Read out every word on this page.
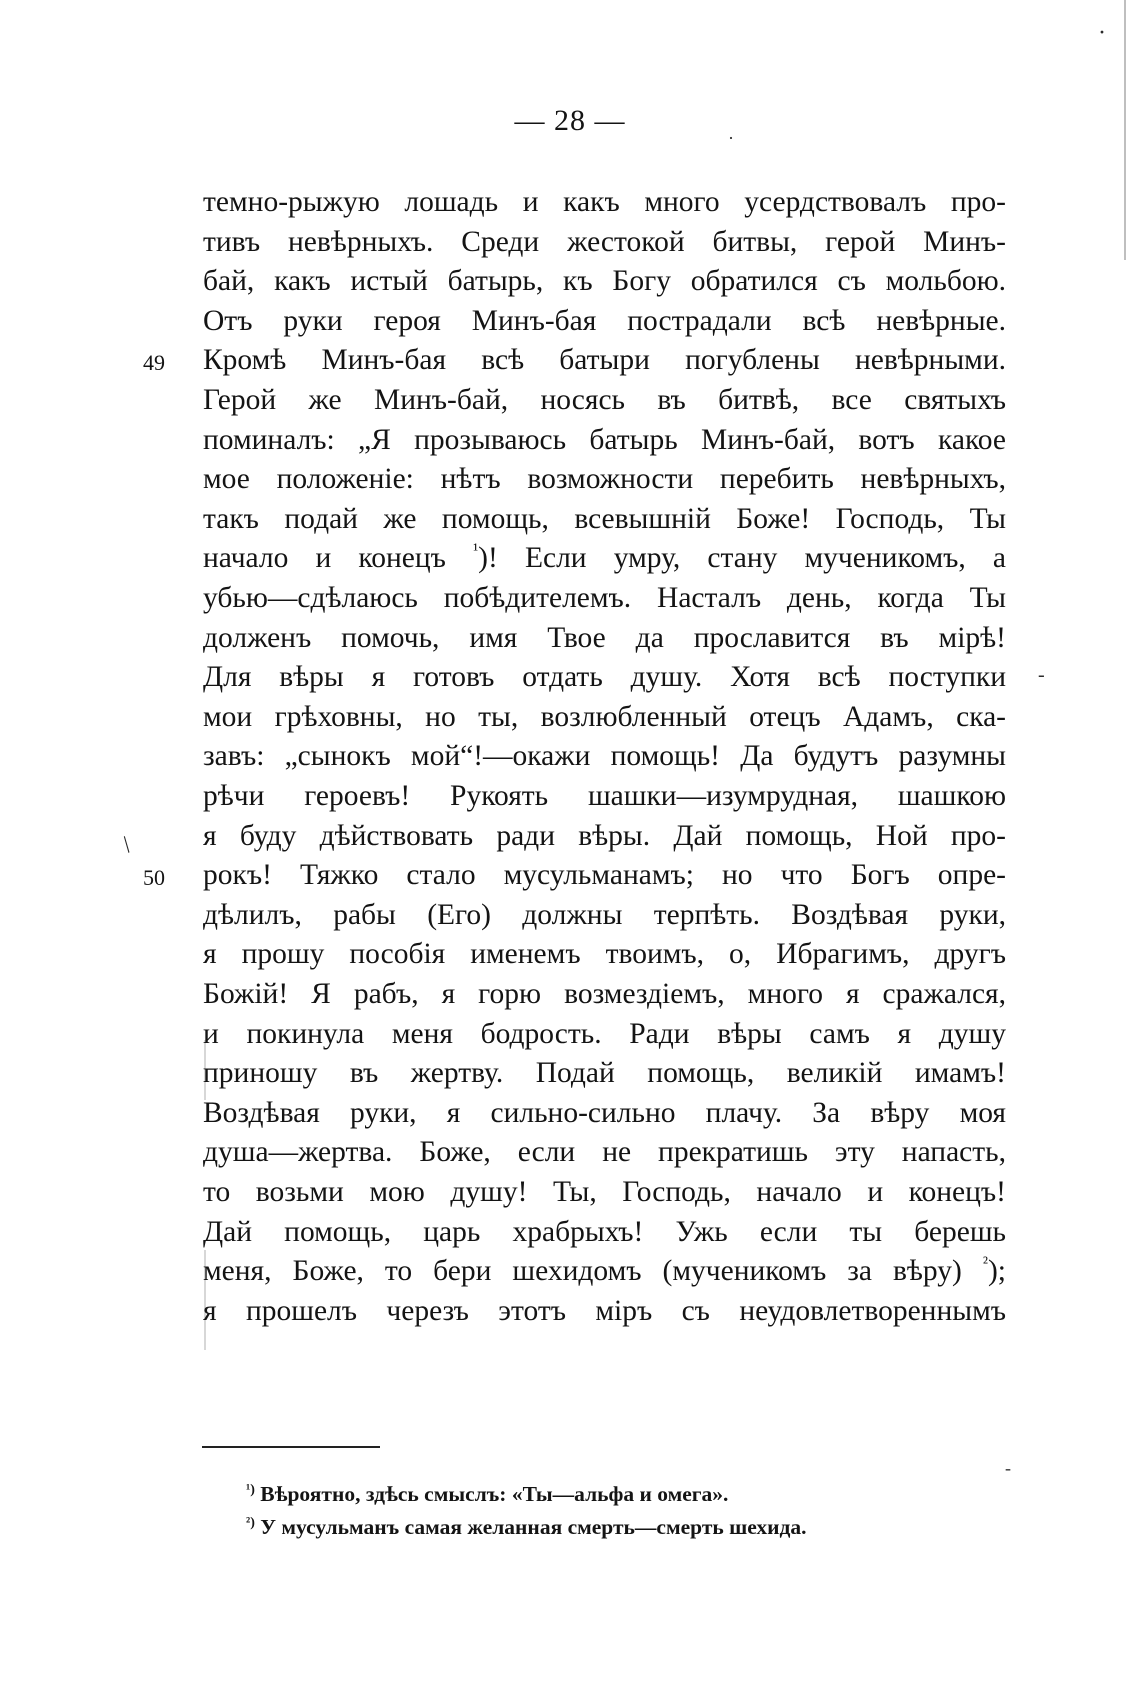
— 28 —
·
·
-
/
-
49
50
темно-рыжую лошадь и какъ много усердствовалъ про-
тивъ невѣрныхъ. Среди жестокой битвы, герой Минъ-
бай, какъ истый батырь, къ Богу обратился съ мольбою.
Отъ руки героя Минъ-бая пострадали всѣ невѣрные.
Кромѣ Минъ-бая всѣ батыри погублены невѣрными.
Герой же Минъ-бай, носясь въ битвѣ, все святыхъ
поминалъ: „Я прозываюсь батырь Минъ-бай, вотъ какое
мое положеніе: нѣтъ возможности перебить невѣрныхъ,
такъ подай же помощь, всевышній Боже! Господь, Ты
начало и конецъ $^{^1}$)! Если умру, стану мученикомъ, а
убью—сдѣлаюсь побѣдителемъ. Насталъ день, когда Ты
долженъ помочь, имя Твое да прославится въ мірѣ!
Для вѣры я готовъ отдать душу. Хотя всѣ поступки
мои грѣховны, но ты, возлюбленный отецъ Адамъ, ска-
завъ: „сынокъ мой“!—окажи помощь! Да будутъ разумны
рѣчи героевъ! Рукоять шашки—изумрудная, шашкою
я буду дѣйствовать ради вѣры. Дай помощь, Ной про-
рокъ! Тяжко стало мусульманамъ; но что Богъ опре-
дѣлилъ, рабы (Его) должны терпѣть. Воздѣвая руки,
я прошу пособія именемъ твоимъ, о, Ибрагимъ, другъ
Божій! Я рабъ, я горю возмездіемъ, много я сражался,
и покинула меня бодрость. Ради вѣры самъ я душу
приношу въ жертву. Подай помощь, великій имамъ!
Воздѣвая руки, я сильно-сильно плачу. За вѣру моя
душа—жертва. Боже, если не прекратишь эту напасть,
то возьми мою душу! Ты, Господь, начало и конецъ!
Дай помощь, царь храбрыхъ! Ужь если ты берешь
меня, Боже, то бери шехидомъ (мученикомъ за вѣру) $^{^2}$);
я прошелъ черезъ этотъ міръ съ неудовлетвореннымъ
$^{^1)}$ Вѣроятно, здѣсь смыслъ: «Ты—альфа и омега».
$^{^2)}$ У мусульманъ самая желанная смерть—смерть шехида.
